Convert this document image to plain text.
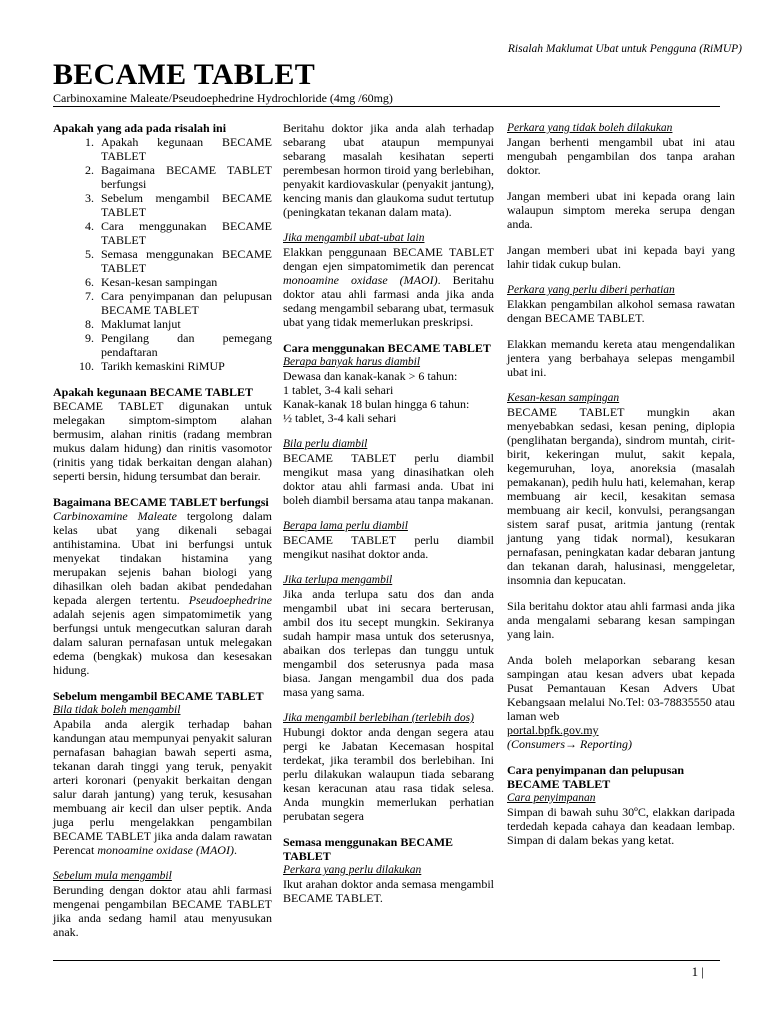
Risalah Maklumat Ubat untuk Pengguna (RiMUP)
BECAME TABLET
Carbinoxamine Maleate/Pseudoephedrine Hydrochloride (4mg /60mg)
Apakah yang ada pada risalah ini
1. Apakah kegunaan BECAME TABLET
2. Bagaimana BECAME TABLET berfungsi
3. Sebelum mengambil BECAME TABLET
4. Cara menggunakan BECAME TABLET
5. Semasa menggunakan BECAME TABLET
6. Kesan-kesan sampingan
7. Cara penyimpanan dan pelupusan BECAME TABLET
8. Maklumat lanjut
9. Pengilang dan pemegang pendaftaran
10. Tarikh kemaskini RiMUP
Apakah kegunaan BECAME TABLET

BECAME TABLET digunakan untuk melegakan simptom-simptom alahan bermusim, alahan rinitis (radang membran mukus dalam hidung) dan rinitis vasomotor (rinitis yang tidak berkaitan dengan alahan) seperti bersin, hidung tersumbat dan berair.

Bagaimana BECAME TABLET berfungsi

Carbinoxamine Maleate tergolong dalam kelas ubat yang dikenali sebagai antihistamina. Ubat ini berfungsi untuk menyekat tindakan histamina yang merupakan sejenis bahan biologi yang dihasilkan oleh badan akibat pendedahan kepada alergen tertentu. Pseudoephedrine adalah sejenis agen simpatomimetik yang berfungsi untuk mengecutkan saluran darah dalam saluran pernafasan untuk melegakan edema (bengkak) mukosa dan kesesakan hidung.

Sebelum mengambil BECAME TABLET
Bila tidak boleh mengambil

Apabila anda alergik terhadap bahan kandungan atau mempunyai penyakit saluran pernafasan bahagian bawah seperti asma, tekanan darah tinggi yang teruk, penyakit arteri koronari (penyakit berkaitan dengan salur darah jantung) yang teruk, kesusahan membuang air kecil dan ulser peptik. Anda juga perlu mengelakkan pengambilan BECAME TABLET jika anda dalam rawatan Perencat monoamine oxidase (MAOI).

Sebelum mula mengambil

Berunding dengan doktor atau ahli farmasi mengenai pengambilan BECAME TABLET jika anda sedang hamil atau menyusukan anak.

Beritahu doktor jika anda alah terhadap sebarang ubat ataupun mempunyai sebarang masalah kesihatan seperti perembesan hormon tiroid yang berlebihan, penyakit kardiovaskular (penyakit jantung), kencing manis dan glaukoma sudut tertutup (peningkatan tekanan dalam mata).

Jika mengambil ubat-ubat lain

Elakkan penggunaan BECAME TABLET dengan ejen simpatomimetik dan perencat monoamine oxidase (MAOI). Beritahu doktor atau ahli farmasi anda jika anda sedang mengambil sebarang ubat, termasuk ubat yang tidak memerlukan preskripsi.

Cara menggunakan BECAME TABLET
Berapa banyak harus diambil
Dewasa dan kanak-kanak > 6 tahun:
1 tablet, 3-4 kali sehari
Kanak-kanak 18 bulan hingga 6 tahun:
½ tablet, 3-4 kali sehari
Bila perlu diambil

BECAME TABLET perlu diambil mengikut masa yang dinasihatkan oleh doktor atau ahli farmasi anda. Ubat ini boleh diambil bersama atau tanpa makanan.

Berapa lama perlu diambil

BECAME TABLET perlu diambil mengikut nasihat doktor anda.

Jika terlupa mengambil

Jika anda terlupa satu dos dan anda mengambil ubat ini secara berterusan, ambil dos itu secept mungkin. Sekiranya sudah hampir masa untuk dos seterusnya, abaikan dos terlepas dan tunggu untuk mengambil dos seterusnya pada masa biasa. Jangan mengambil dua dos pada masa yang sama.

Jika mengambil berlebihan (terlebih dos)

Hubungi doktor anda dengan segera atau pergi ke Jabatan Kecemasan hospital terdekat, jika terambil dos berlebihan. Ini perlu dilakukan walaupun tiada sebarang kesan keracunan atau rasa tidak selesa. Anda mungkin memerlukan perhatian perubatan segera

Semasa menggunakan BECAME TABLET
Perkara yang perlu dilakukan

Ikut arahan doktor anda semasa mengambil BECAME TABLET.

Perkara yang tidak boleh dilakukan

Jangan berhenti mengambil ubat ini atau mengubah pengambilan dos tanpa arahan doktor.

Jangan memberi ubat ini kepada orang lain walaupun simptom mereka serupa dengan anda.

Jangan memberi ubat ini kepada bayi yang lahir tidak cukup bulan.

Perkara yang perlu diberi perhatian

Elakkan pengambilan alkohol semasa rawatan dengan BECAME TABLET.

Elakkan memandu kereta atau mengendalikan jentera yang berbahaya selepas mengambil ubat ini.

Kesan-kesan sampingan

BECAME TABLET mungkin akan menyebabkan sedasi, kesan pening, diplopia (penglihatan berganda), sindrom muntah, cirit-birit, kekeringan mulut, sakit kepala, kegemuruhan, loya, anoreksia (masalah pemakanan), pedih hulu hati, kelemahan, kerap membuang air kecil, kesakitan semasa membuang air kecil, konvulsi, perangsangan sistem saraf pusat, aritmia jantung (rentak jantung yang tidak normal), kesukaran pernafasan, peningkatan kadar debaran jantung dan tekanan darah, halusinasi, menggeletar, insomnia dan kepucatan.

Sila beritahu doktor atau ahli farmasi anda jika anda mengalami sebarang kesan sampingan yang lain.

Anda boleh melaporkan sebarang kesan sampingan atau kesan advers ubat kepada Pusat Pemantauan Kesan Advers Ubat Kebangsaan melalui No.Tel: 03-78835550 atau laman web
portal.bpfk.gov.my
(Consumers→ Reporting)

Cara penyimpanan dan pelupusan BECAME TABLET
Cara penyimpanan

Simpan di bawah suhu 30ºC, elakkan daripada terdedah kepada cahaya dan keadaan lembap. Simpan di dalam bekas yang ketat.

1 |
